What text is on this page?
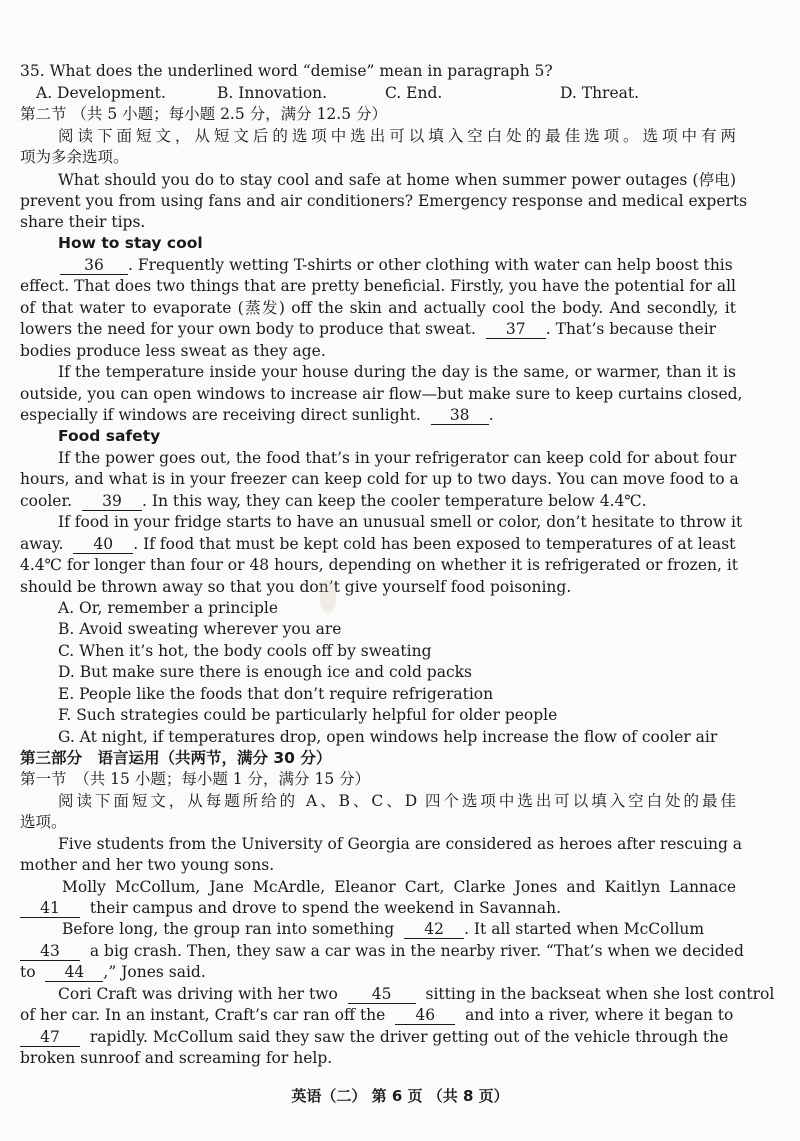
35. What does the underlined word “demise” mean in paragraph 5?
A. Development.	B. Innovation.	C. End.	D. Threat.
第二节 （共 5 小题；每小题 2.5 分，满分 12.5 分）
阅读下面短文，从短文后的选项中选出可以填入空白处的最佳选项。选项中有两
项为多余选项。
What should you do to stay cool and safe at home when summer power outages (停电)
prevent you from using fans and air conditioners? Emergency response and medical experts
share their tips.
How to stay cool
36 . Frequently wetting T-shirts or other clothing with water can help boost this
effect. That does two things that are pretty beneficial. Firstly, you have the potential for all
of that water to evaporate (蒸发) off the skin and actually cool the body. And secondly, it
lowers the need for your own body to produce that sweat. 37 . That’s because their
bodies produce less sweat as they age.
If the temperature inside your house during the day is the same, or warmer, than it is
outside, you can open windows to increase air flow—but make sure to keep curtains closed,
especially if windows are receiving direct sunlight. 38 .
Food safety
If the power goes out, the food that’s in your refrigerator can keep cold for about four
hours, and what is in your freezer can keep cold for up to two days. You can move food to a
cooler. 39 . In this way, they can keep the cooler temperature below 4.4℃.
If food in your fridge starts to have an unusual smell or color, don’t hesitate to throw it
away. 40 . If food that must be kept cold has been exposed to temperatures of at least
4.4℃ for longer than four or 48 hours, depending on whether it is refrigerated or frozen, it
should be thrown away so that you don’t give yourself food poisoning.
A. Or, remember a principle
B. Avoid sweating wherever you are
C. When it’s hot, the body cools off by sweating
D. But make sure there is enough ice and cold packs
E. People like the foods that don’t require refrigeration
F. Such strategies could be particularly helpful for older people
G. At night, if temperatures drop, open windows help increase the flow of cooler air
第三部分　语言运用（共两节，满分 30 分）
第一节　（共 15 小题；每小题 1 分，满分 15 分）
阅读下面短文，从每题所给的 A、B、C、D 四个选项中选出可以填入空白处的最佳
选项。
Five students from the University of Georgia are considered as heroes after rescuing a
mother and her two young sons.
Molly McCollum, Jane McArdle, Eleanor Cart, Clarke Jones and Kaitlyn Lannace
41 their campus and drove to spend the weekend in Savannah.
Before long, the group ran into something 42 . It all started when McCollum
43 a big crash. Then, they saw a car was in the nearby river. “That’s when we decided
to 44 ,” Jones said.
Cori Craft was driving with her two 45 sitting in the backseat when she lost control
of her car. In an instant, Craft’s car ran off the 46 and into a river, where it began to
47 rapidly. McCollum said they saw the driver getting out of the vehicle through the
broken sunroof and screaming for help.
英语（二） 第 6 页 （共 8 页）
